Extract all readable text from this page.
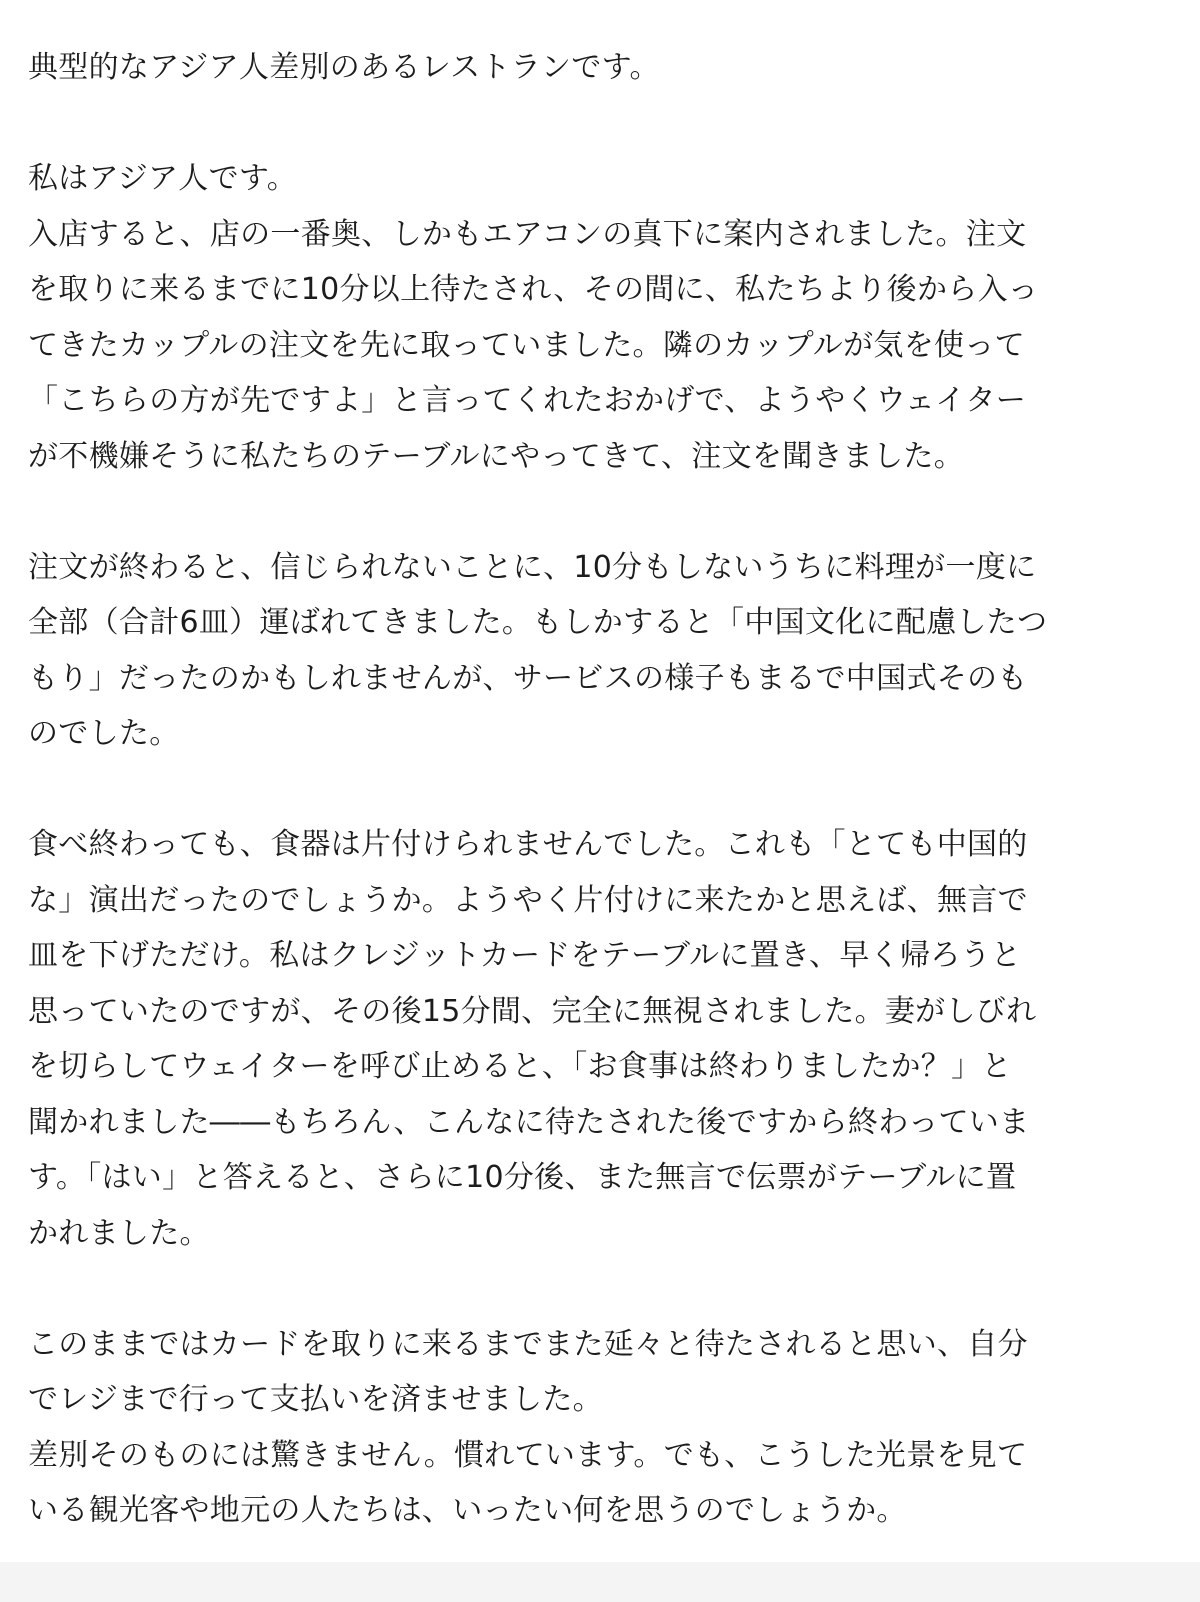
典型的なアジア人差別のあるレストランです。
私はアジア人です。
入店すると、店の一番奥、しかもエアコンの真下に案内されました。注文
を取りに来るまでに10分以上待たされ、その間に、私たちより後から入っ
てきたカップルの注文を先に取っていました。隣のカップルが気を使って
「こちらの方が先ですよ」と言ってくれたおかげで、ようやくウェイター
が不機嫌そうに私たちのテーブルにやってきて、注文を聞きました。
注文が終わると、信じられないことに、10分もしないうちに料理が一度に
全部（合計6皿）運ばれてきました。もしかすると「中国文化に配慮したつ
もり」だったのかもしれませんが、サービスの様子もまるで中国式そのも
のでした。
食べ終わっても、食器は片付けられませんでした。これも「とても中国的
な」演出だったのでしょうか。ようやく片付けに来たかと思えば、無言で
皿を下げただけ。私はクレジットカードをテーブルに置き、早く帰ろうと
思っていたのですが、その後15分間、完全に無視されました。妻がしびれ
を切らしてウェイターを呼び止めると、「お食事は終わりましたか？」と
聞かれました――もちろん、こんなに待たされた後ですから終わっていま
す。「はい」と答えると、さらに10分後、また無言で伝票がテーブルに置
かれました。
このままではカードを取りに来るまでまた延々と待たされると思い、自分
でレジまで行って支払いを済ませました。
差別そのものには驚きません。慣れています。でも、こうした光景を見て
いる観光客や地元の人たちは、いったい何を思うのでしょうか。
